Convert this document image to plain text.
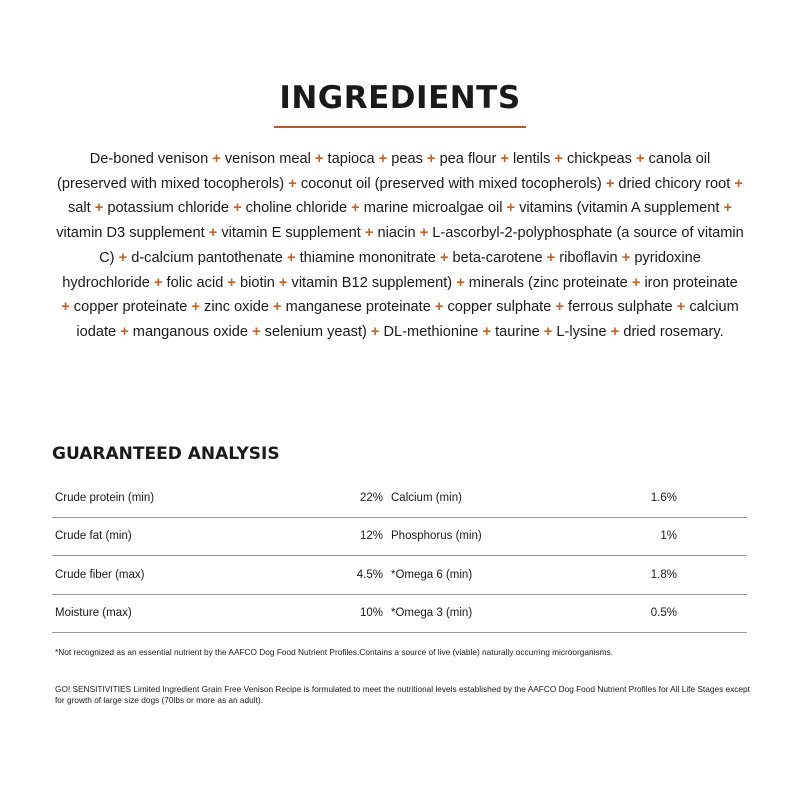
INGREDIENTS

De-boned venison + venison meal + tapioca + peas + pea flour + lentils + chickpeas + canola oil (preserved with mixed tocopherols) + coconut oil (preserved with mixed tocopherols) + dried chicory root + salt + potassium chloride + choline chloride + marine microalgae oil + vitamins (vitamin A supplement + vitamin D3 supplement + vitamin E supplement + niacin + L-ascorbyl-2-polyphosphate (a source of vitamin C) + d-calcium pantothenate + thiamine mononitrate + beta-carotene + riboflavin + pyridoxine hydrochloride + folic acid + biotin + vitamin B12 supplement) + minerals (zinc proteinate + iron proteinate + copper proteinate + zinc oxide + manganese proteinate + copper sulphate + ferrous sulphate + calcium iodate + manganous oxide + selenium yeast) + DL-methionine + taurine + L-lysine + dried rosemary.

GUARANTEED ANALYSIS
Crude protein (min)	22%		Calcium (min)	1.6%
Crude fat (min)	12%		Phosphorus (min)	1%
Crude fiber (max)	4.5%		*Omega 6 (min)	1.8%
Moisture (max)	10%		*Omega 3 (min)	0.5%

*Not recognized as an essential nutrient by the AAFCO Dog Food Nutrient Profiles.Contains a source of live (viable) naturally occurring microorganisms.

GO! SENSITIVITIES Limited Ingredient Grain Free Venison Recipe is formulated to meet the nutritional levels established by the AAFCO Dog Food Nutrient Profiles for All Life Stages except for growth of large size dogs (70lbs or more as an adult).
